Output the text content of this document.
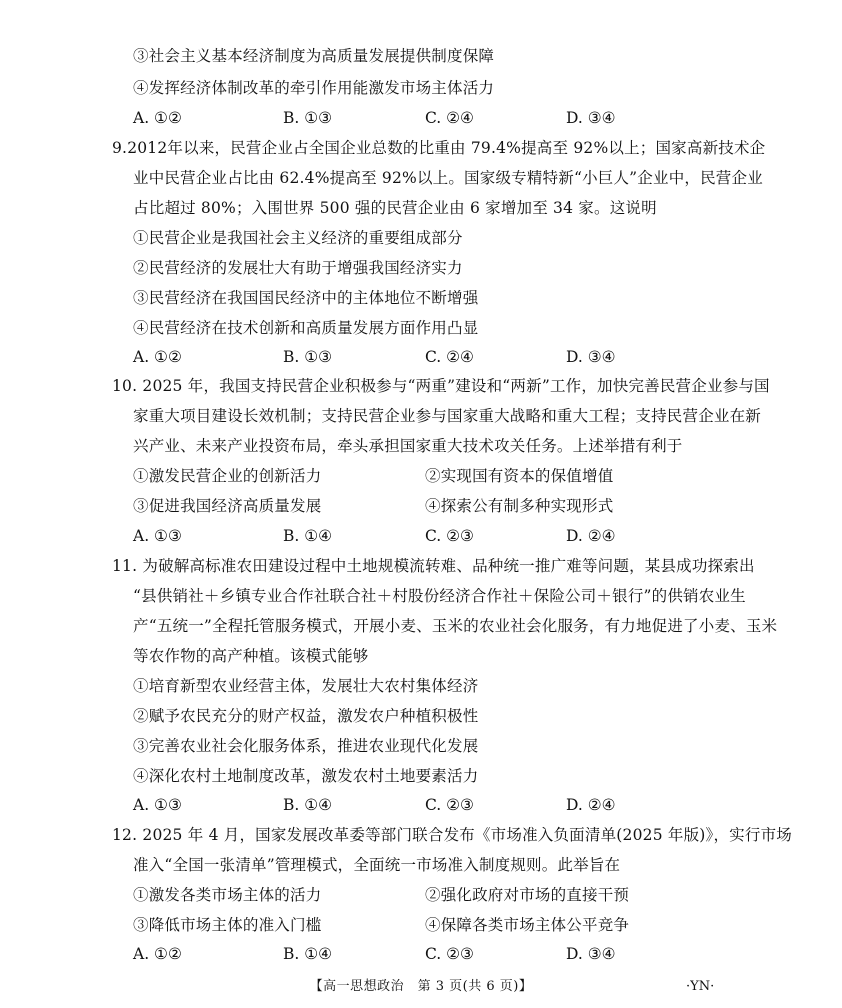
③社会主义基本经济制度为高质量发展提供制度保障
④发挥经济体制改革的牵引作用能激发市场主体活力
A. ①②	B. ①③	C. ②④	D. ③④
9.2012年以来，民营企业占全国企业总数的比重由 79.4%提高至 92%以上；国家高新技术企
业中民营企业占比由 62.4%提高至 92%以上。国家级专精特新“小巨人”企业中，民营企业
占比超过 80%；入围世界 500 强的民营企业由 6 家增加至 34 家。这说明
①民营企业是我国社会主义经济的重要组成部分
②民营经济的发展壮大有助于增强我国经济实力
③民营经济在我国国民经济中的主体地位不断增强
④民营经济在技术创新和高质量发展方面作用凸显
A. ①②	B. ①③	C. ②④	D. ③④
10. 2025 年，我国支持民营企业积极参与“两重”建设和“两新”工作，加快完善民营企业参与国
家重大项目建设长效机制；支持民营企业参与国家重大战略和重大工程；支持民营企业在新
兴产业、未来产业投资布局，牵头承担国家重大技术攻关任务。上述举措有利于
①激发民营企业的创新活力	②实现国有资本的保值增值
③促进我国经济高质量发展	④探索公有制多种实现形式
A. ①③	B. ①④	C. ②③	D. ②④
11. 为破解高标准农田建设过程中土地规模流转难、品种统一推广难等问题，某县成功探索出
“县供销社＋乡镇专业合作社联合社＋村股份经济合作社＋保险公司＋银行”的供销农业生
产“五统一”全程托管服务模式，开展小麦、玉米的农业社会化服务，有力地促进了小麦、玉米
等农作物的高产种植。该模式能够
①培育新型农业经营主体，发展壮大农村集体经济
②赋予农民充分的财产权益，激发农户种植积极性
③完善农业社会化服务体系，推进农业现代化发展
④深化农村土地制度改革，激发农村土地要素活力
A. ①③	B. ①④	C. ②③	D. ②④
12. 2025 年 4 月，国家发展改革委等部门联合发布《市场准入负面清单(2025 年版)》，实行市场
准入“全国一张清单”管理模式，全面统一市场准入制度规则。此举旨在
①激发各类市场主体的活力	②强化政府对市场的直接干预
③降低市场主体的准入门槛	④保障各类市场主体公平竞争
A. ①②	B. ①④	C. ②③	D. ③④
【高一思想政治　第 3 页(共 6 页)】	·YN·
